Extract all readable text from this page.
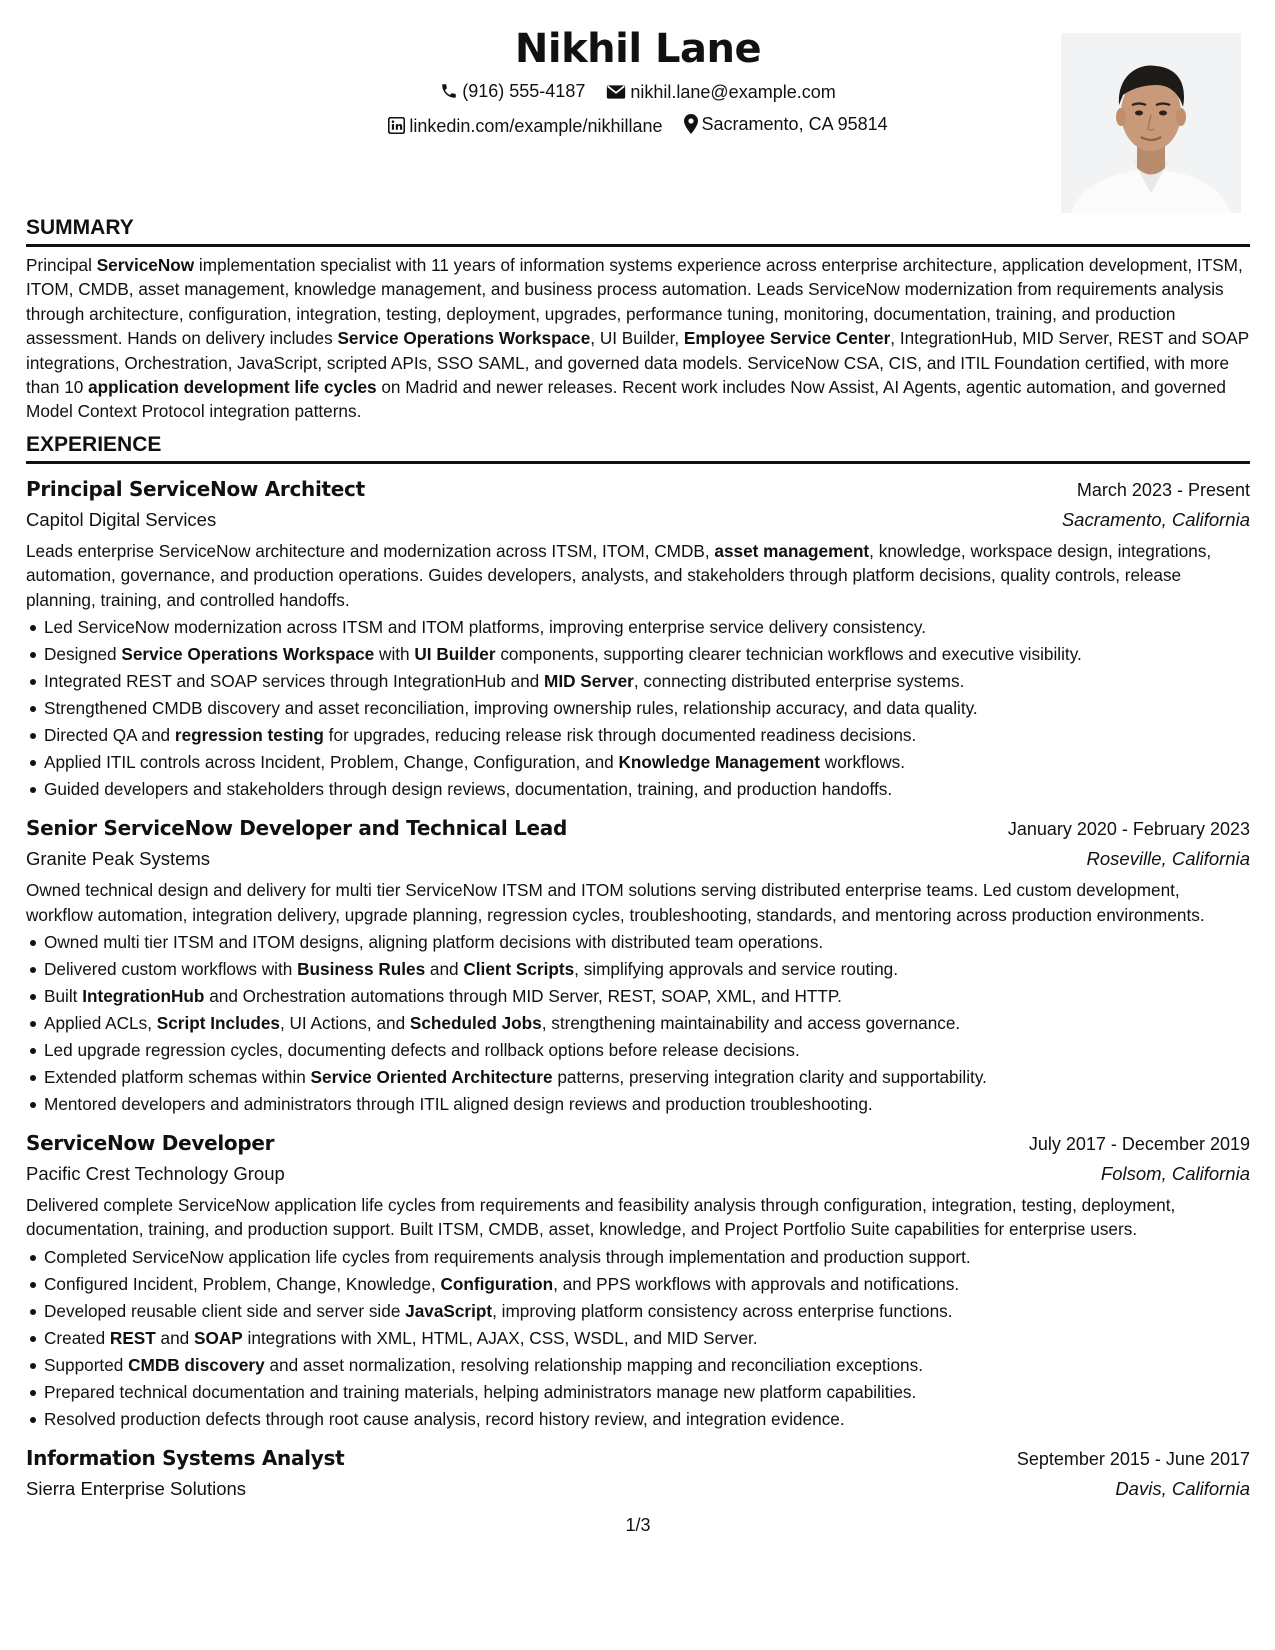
Nikhil Lane
(916) 555-4187
	nikhil.lane@example.com
linkedin.com/example/nikhillane
Sacramento, CA 95814
SUMMARY

Principal ServiceNow implementation specialist with 11 years of information systems experience across enterprise architecture, application development, ITSM, ITOM, CMDB, asset management, knowledge management, and business process automation. Leads ServiceNow modernization from requirements analysis through architecture, configuration, integration, testing, deployment, upgrades, performance tuning, monitoring, documentation, training, and production assessment. Hands on delivery includes Service Operations Workspace, UI Builder, Employee Service Center, IntegrationHub, MID Server, REST and SOAP integrations, Orchestration, JavaScript, scripted APIs, SSO SAML, and governed data models. ServiceNow CSA, CIS, and ITIL Foundation certified, with more than 10 application development life cycles on Madrid and newer releases. Recent work includes Now Assist, AI Agents, agentic automation, and governed Model Context Protocol integration patterns.

EXPERIENCE
Principal ServiceNow Architect	March 2023 - Present
Capitol Digital Services	Sacramento, California

Leads enterprise ServiceNow architecture and modernization across ITSM, ITOM, CMDB, asset management, knowledge, workspace design, integrations, automation, governance, and production operations. Guides developers, analysts, and stakeholders through platform decisions, quality controls, release planning, training, and controlled handoffs.

Led ServiceNow modernization across ITSM and ITOM platforms, improving enterprise service delivery consistency.
Designed Service Operations Workspace with UI Builder components, supporting clearer technician workflows and executive visibility.
Integrated REST and SOAP services through IntegrationHub and MID Server, connecting distributed enterprise systems.
Strengthened CMDB discovery and asset reconciliation, improving ownership rules, relationship accuracy, and data quality.
Directed QA and regression testing for upgrades, reducing release risk through documented readiness decisions.
Applied ITIL controls across Incident, Problem, Change, Configuration, and Knowledge Management workflows.
Guided developers and stakeholders through design reviews, documentation, training, and production handoffs.
Senior ServiceNow Developer and Technical Lead	January 2020 - February 2023
Granite Peak Systems	Roseville, California

Owned technical design and delivery for multi tier ServiceNow ITSM and ITOM solutions serving distributed enterprise teams. Led custom development, workflow automation, integration delivery, upgrade planning, regression cycles, troubleshooting, standards, and mentoring across production environments.

Owned multi tier ITSM and ITOM designs, aligning platform decisions with distributed team operations.
Delivered custom workflows with Business Rules and Client Scripts, simplifying approvals and service routing.
Built IntegrationHub and Orchestration automations through MID Server, REST, SOAP, XML, and HTTP.
Applied ACLs, Script Includes, UI Actions, and Scheduled Jobs, strengthening maintainability and access governance.
Led upgrade regression cycles, documenting defects and rollback options before release decisions.
Extended platform schemas within Service Oriented Architecture patterns, preserving integration clarity and supportability.
Mentored developers and administrators through ITIL aligned design reviews and production troubleshooting.
ServiceNow Developer	July 2017 - December 2019
Pacific Crest Technology Group	Folsom, California

Delivered complete ServiceNow application life cycles from requirements and feasibility analysis through configuration, integration, testing, deployment, documentation, training, and production support. Built ITSM, CMDB, asset, knowledge, and Project Portfolio Suite capabilities for enterprise users.

Completed ServiceNow application life cycles from requirements analysis through implementation and production support.
Configured Incident, Problem, Change, Knowledge, Configuration, and PPS workflows with approvals and notifications.
Developed reusable client side and server side JavaScript, improving platform consistency across enterprise functions.
Created REST and SOAP integrations with XML, HTML, AJAX, CSS, WSDL, and MID Server.
Supported CMDB discovery and asset normalization, resolving relationship mapping and reconciliation exceptions.
Prepared technical documentation and training materials, helping administrators manage new platform capabilities.
Resolved production defects through root cause analysis, record history review, and integration evidence.
Information Systems Analyst	September 2015 - June 2017
Sierra Enterprise Solutions	Davis, California
1/3
